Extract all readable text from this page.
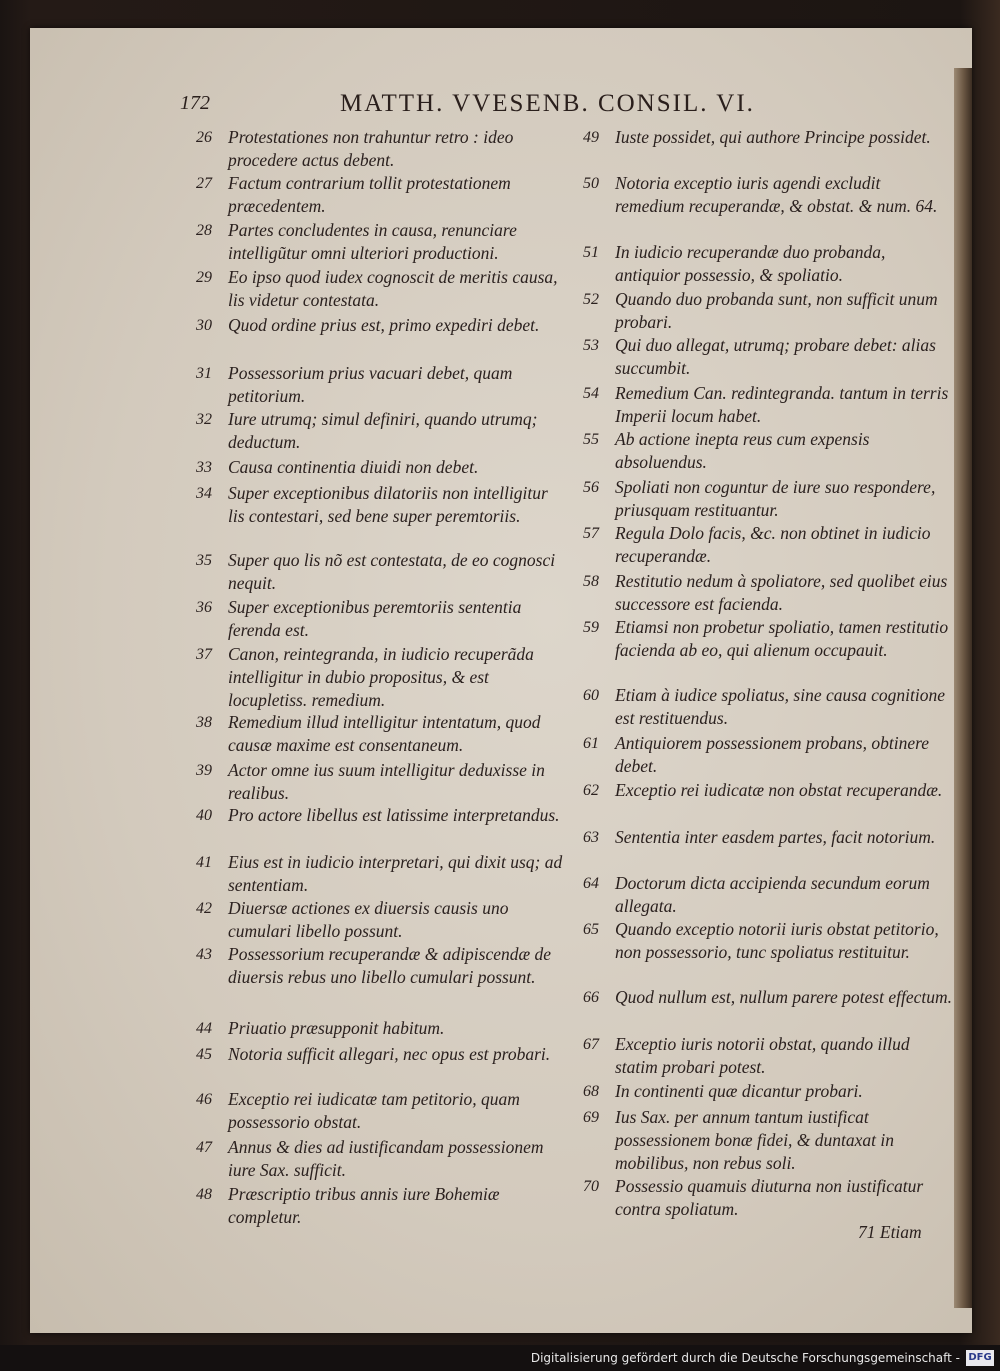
172	MATTH. VVESENB. CONSIL. VI.
26 Protestationes non trahuntur retro : ideo procedere actus debent.
27 Factum contrarium tollit protestationem præcedentem.
28 Partes concludentes in causa, renunciare intelligũtur omni ulteriori productioni.
29 Eo ipso quod iudex cognoscit de meritis causa, lis videtur contestata.
30 Quod ordine prius est, primo expediri debet.
31 Possessorium prius vacuari debet, quam petitorium.
32 Iure utrumq; simul definiri, quando utrumq; deductum.
33 Causa continentia diuidi non debet.
34 Super exceptionibus dilatoriis non intelligitur lis contestari, sed bene super peremtoriis.
35 Super quo lis nõ est contestata, de eo cognosci nequit.
36 Super exceptionibus peremtoriis sententia ferenda est.
37 Canon, reintegranda, in iudicio recuperãda intelligitur in dubio propositus, & est locupletiss. remedium.
38 Remedium illud intelligitur intentatum, quod causæ maxime est consentaneum.
39 Actor omne ius suum intelligitur deduxisse in realibus.
40 Pro actore libellus est latissime interpretandus.
41 Eius est in iudicio interpretari, qui dixit usq; ad sententiam.
42 Diuersæ actiones ex diuersis causis uno cumulari libello possunt.
43 Possessorium recuperandæ & adipiscendæ de diuersis rebus uno libello cumulari possunt.
44 Priuatio præsupponit habitum.
45 Notoria sufficit allegari, nec opus est probari.
46 Exceptio rei iudicatæ tam petitorio, quam possessorio obstat.
47 Annus & dies ad iustificandam possessionem iure Sax. sufficit.
48 Præscriptio tribus annis iure Bohemiæ completur.
49 Iuste possidet, qui authore Principe possidet.
50 Notoria exceptio iuris agendi excludit remedium recuperandæ, & obstat. & num. 64.
51 In iudicio recuperandæ duo probanda, antiquior possessio, & spoliatio.
52 Quando duo probanda sunt, non sufficit unum probari.
53 Qui duo allegat, utrumq; probare debet: alias succumbit.
54 Remedium Can. redintegranda. tantum in terris Imperii locum habet.
55 Ab actione inepta reus cum expensis absoluendus.
56 Spoliati non coguntur de iure suo respondere, priusquam restituantur.
57 Regula Dolo facis, &c. non obtinet in iudicio recuperandæ.
58 Restitutio nedum à spoliatore, sed quolibet eius successore est facienda.
59 Etiamsi non probetur spoliatio, tamen restitutio facienda ab eo, qui alienum occupauit.
60 Etiam à iudice spoliatus, sine causa cognitione est restituendus.
61 Antiquiorem possessionem probans, obtinere debet.
62 Exceptio rei iudicatæ non obstat recuperandæ.
63 Sententia inter easdem partes, facit notorium.
64 Doctorum dicta accipienda secundum eorum allegata.
65 Quando exceptio notorii iuris obstat petitorio, non possessorio, tunc spoliatus restituitur.
66 Quod nullum est, nullum parere potest effectum.
67 Exceptio iuris notorii obstat, quando illud statim probari potest.
68 In continenti quæ dicantur probari.
69 Ius Sax. per annum tantum iustificat possessionem bonæ fidei, & duntaxat in mobilibus, non rebus soli.
70 Possessio quamuis diuturna non iustificatur contra spoliatum.
71 Etiam
Digitalisierung gefördert durch die Deutsche Forschungsgemeinschaft - DFG
